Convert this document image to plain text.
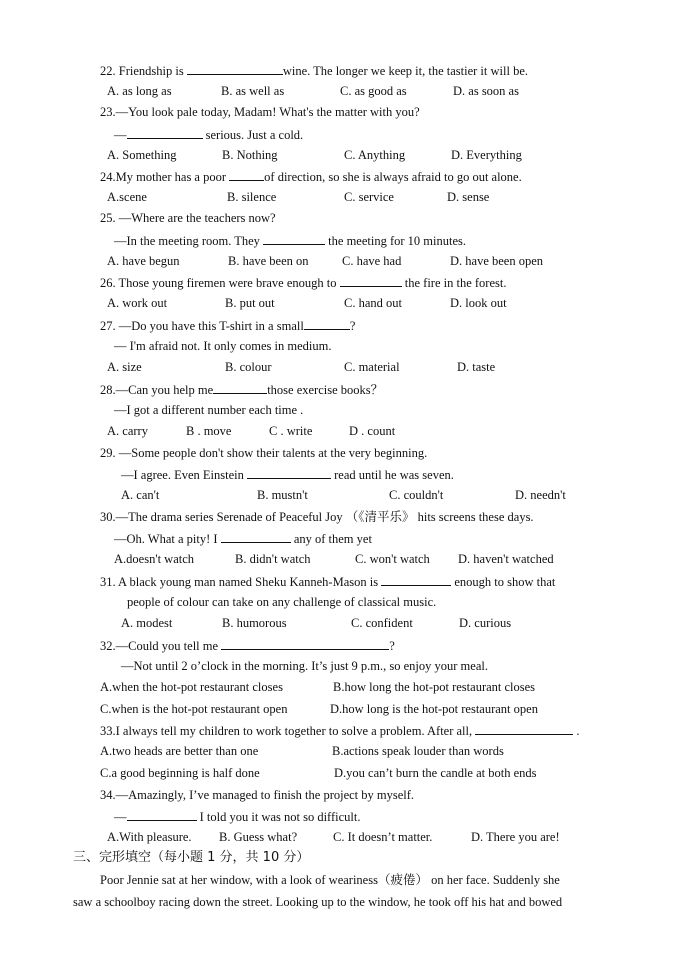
22. Friendship is	wine. The longer we keep it, the tastier it will be.
A. as long as	B. as well as	C. as good as	D. as soon as
23.—You look pale today, Madam! What's the matter with you?
—	serious. Just a cold.
A. Something	B. Nothing	C. Anything	D. Everything
24.My mother has a poor	of direction, so she is always afraid to go out alone.
A.scene	B. silence	C. service	D. sense
25. —Where are the teachers now?
—In the meeting room. They	the meeting for 10 minutes.
A. have begun	B. have been on	C. have had	D. have been open
26. Those young firemen were brave enough to	the fire in the forest.
A. work out	B. put out	C. hand out	D. look out
27. —Do you have this T-shirt in a small	?
— I'm afraid not. It only comes in medium.
A. size	B. colour	C. material	D. taste
28.—Can you help me	those exercise books？
—I got a different number each time .
A. carry	B . move	C . write	D . count
29. —Some people don't show their talents at the very beginning.
—I agree. Even Einstein	read until he was seven.
A. can't	B. mustn't	C. couldn't	D. needn't
30.—The drama series Serenade of Peaceful Joy （《清平乐》 hits screens these days.
—Oh. What a pity! I	any of them yet
A.doesn't watch	B. didn't watch	C. won't watch D. haven't watched
31. A black young man named Sheku Kanneh-Mason is	enough to show that
people of colour can take on any challenge of classical music.
A. modest	B. humorous	C. confident	D. curious
32.—Could you tell me	?
—Not until 2 o’clock in the morning. It’s just 9 p.m., so enjoy your meal.
A.when the hot-pot restaurant closes	B.how long the hot-pot restaurant closes
C.when is the hot-pot restaurant open	D.how long is the hot-pot restaurant open
33.I always tell my children to work together to solve a problem. After all,	.
A.two heads are better than one	B.actions speak louder than words
C.a good beginning is half done	D.you can’t burn the candle at both ends
34.—Amazingly, I’ve managed to finish the project by myself.
—	I told you it was not so difficult.
A.With pleasure. B. Guess what?	C. It doesn’t matter.	D. There you are!
三、完形填空（每小题 1 分，共 10 分）
Poor Jennie sat at her window, with a look of weariness（疲倦） on her face. Suddenly she
saw a schoolboy racing down the street. Looking up to the window, he took off his hat and bowed
